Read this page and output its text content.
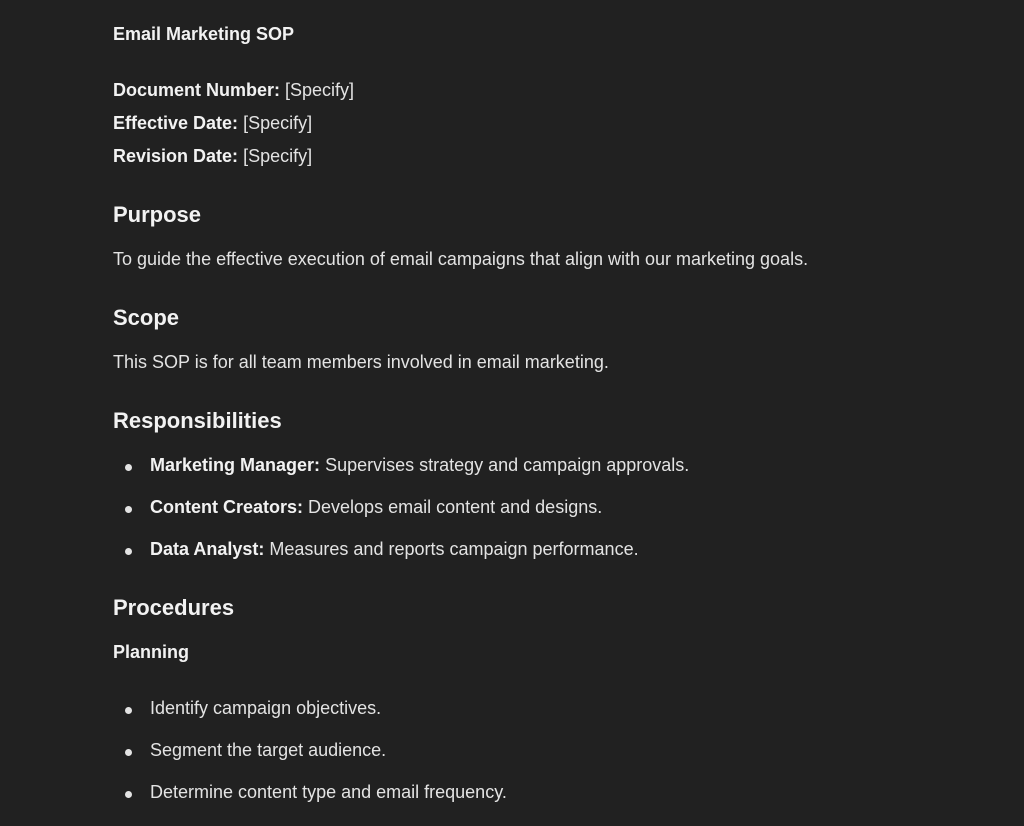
Email Marketing SOP
Document Number: [Specify]
Effective Date: [Specify]
Revision Date: [Specify]
Purpose
To guide the effective execution of email campaigns that align with our marketing goals.
Scope
This SOP is for all team members involved in email marketing.
Responsibilities
Marketing Manager: Supervises strategy and campaign approvals.
Content Creators: Develops email content and designs.
Data Analyst: Measures and reports campaign performance.
Procedures
Planning
Identify campaign objectives.
Segment the target audience.
Determine content type and email frequency.
